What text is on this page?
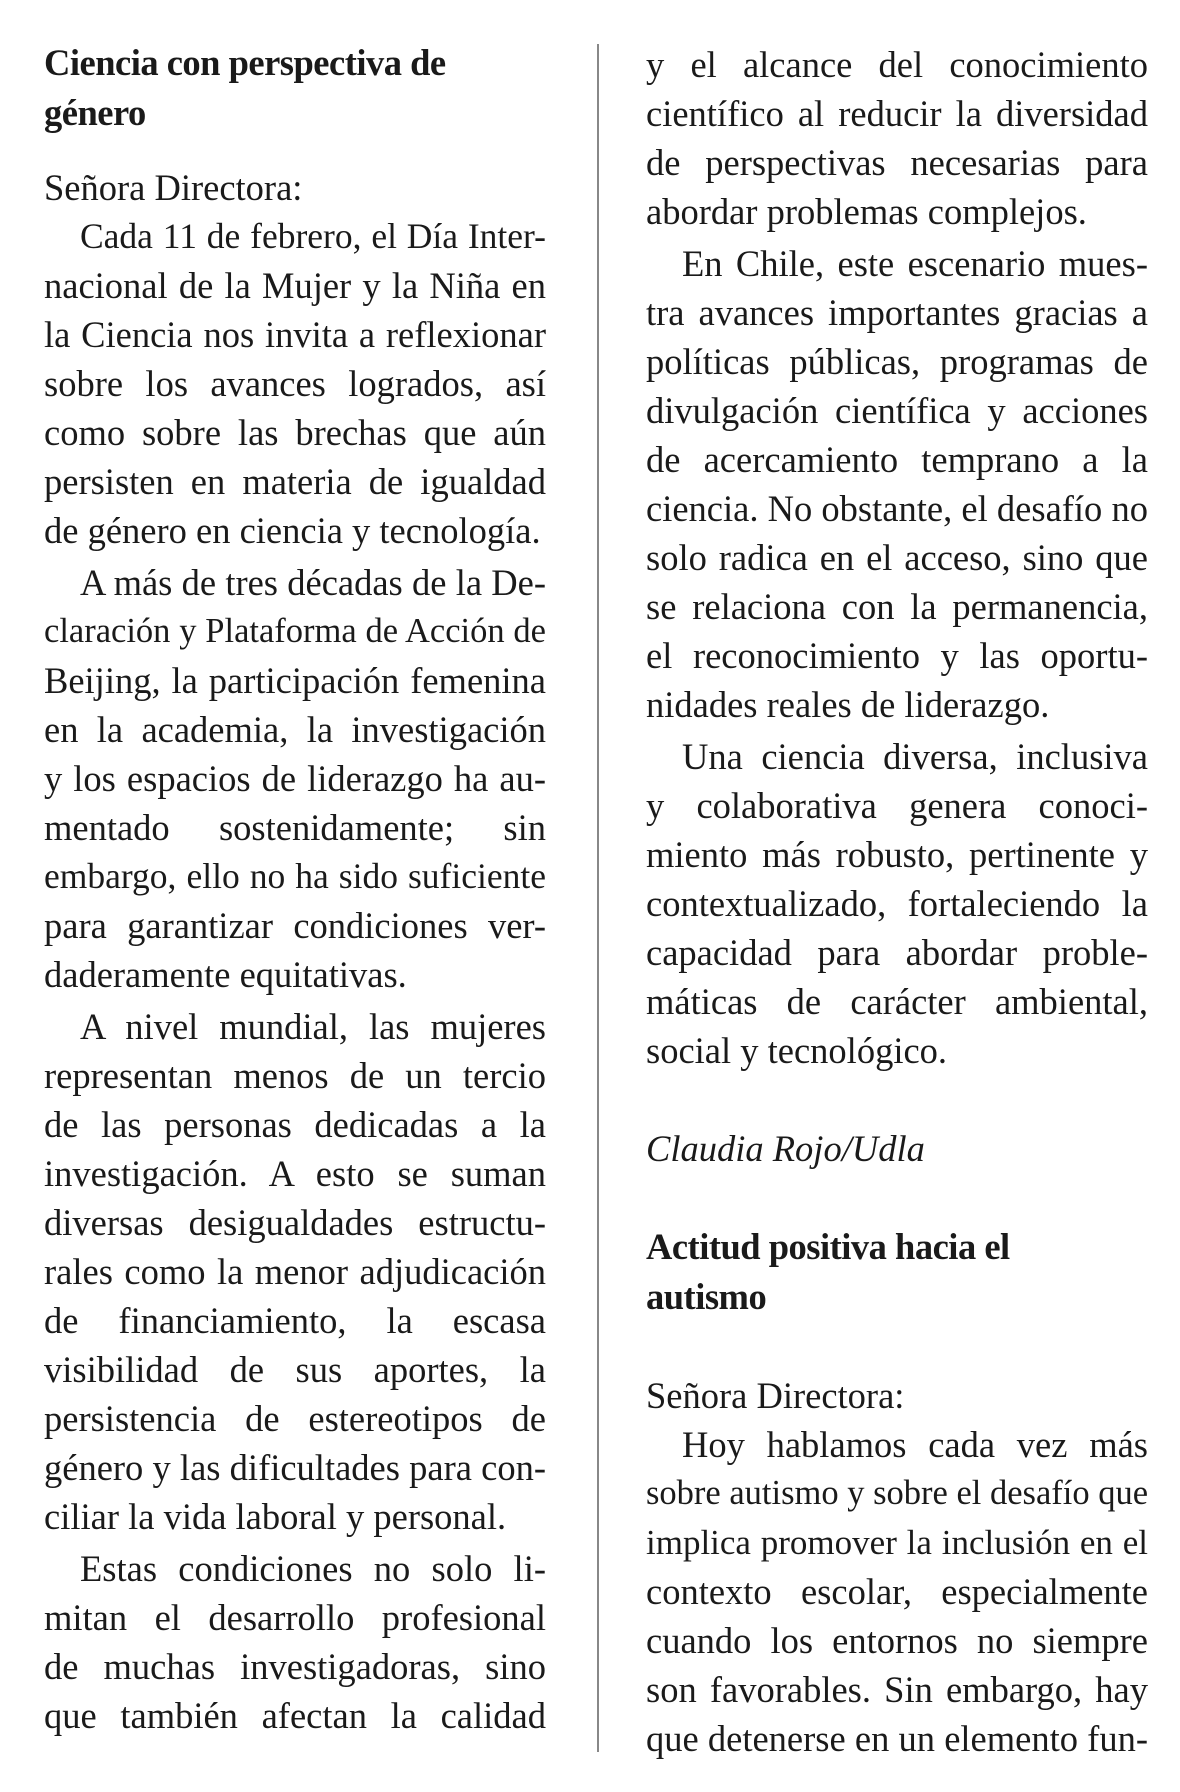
Ciencia con perspectiva de
género
Señora Directora:
Cada 11 de febrero, el Día Inter-
nacional de la Mujer y la Niña en
la Ciencia nos invita a reflexionar
sobre los avances logrados, así
como sobre las brechas que aún
persisten en materia de igualdad
de género en ciencia y tecnología.
A más de tres décadas de la De-
claración y Plataforma de Acción de
Beijing, la participación femenina
en la academia, la investigación
y los espacios de liderazgo ha au-
mentado sostenidamente; sin
embargo, ello no ha sido suficiente
para garantizar condiciones ver-
daderamente equitativas.
A nivel mundial, las mujeres
representan menos de un tercio
de las personas dedicadas a la
investigación. A esto se suman
diversas desigualdades estructu-
rales como la menor adjudicación
de financiamiento, la escasa
visibilidad de sus aportes, la
persistencia de estereotipos de
género y las dificultades para con-
ciliar la vida laboral y personal.
Estas condiciones no solo li-
mitan el desarrollo profesional
de muchas investigadoras, sino
que también afectan la calidad
y el alcance del conocimiento
científico al reducir la diversidad
de perspectivas necesarias para
abordar problemas complejos.
En Chile, este escenario mues-
tra avances importantes gracias a
políticas públicas, programas de
divulgación científica y acciones
de acercamiento temprano a la
ciencia. No obstante, el desafío no
solo radica en el acceso, sino que
se relaciona con la permanencia,
el reconocimiento y las oportu-
nidades reales de liderazgo.
Una ciencia diversa, inclusiva
y colaborativa genera conoci-
miento más robusto, pertinente y
contextualizado, fortaleciendo la
capacidad para abordar proble-
máticas de carácter ambiental,
social y tecnológico.
Claudia Rojo/Udla
Actitud positiva hacia el
autismo
Señora Directora:
Hoy hablamos cada vez más
sobre autismo y sobre el desafío que
implica promover la inclusión en el
contexto escolar, especialmente
cuando los entornos no siempre
son favorables. Sin embargo, hay
que detenerse en un elemento fun-
